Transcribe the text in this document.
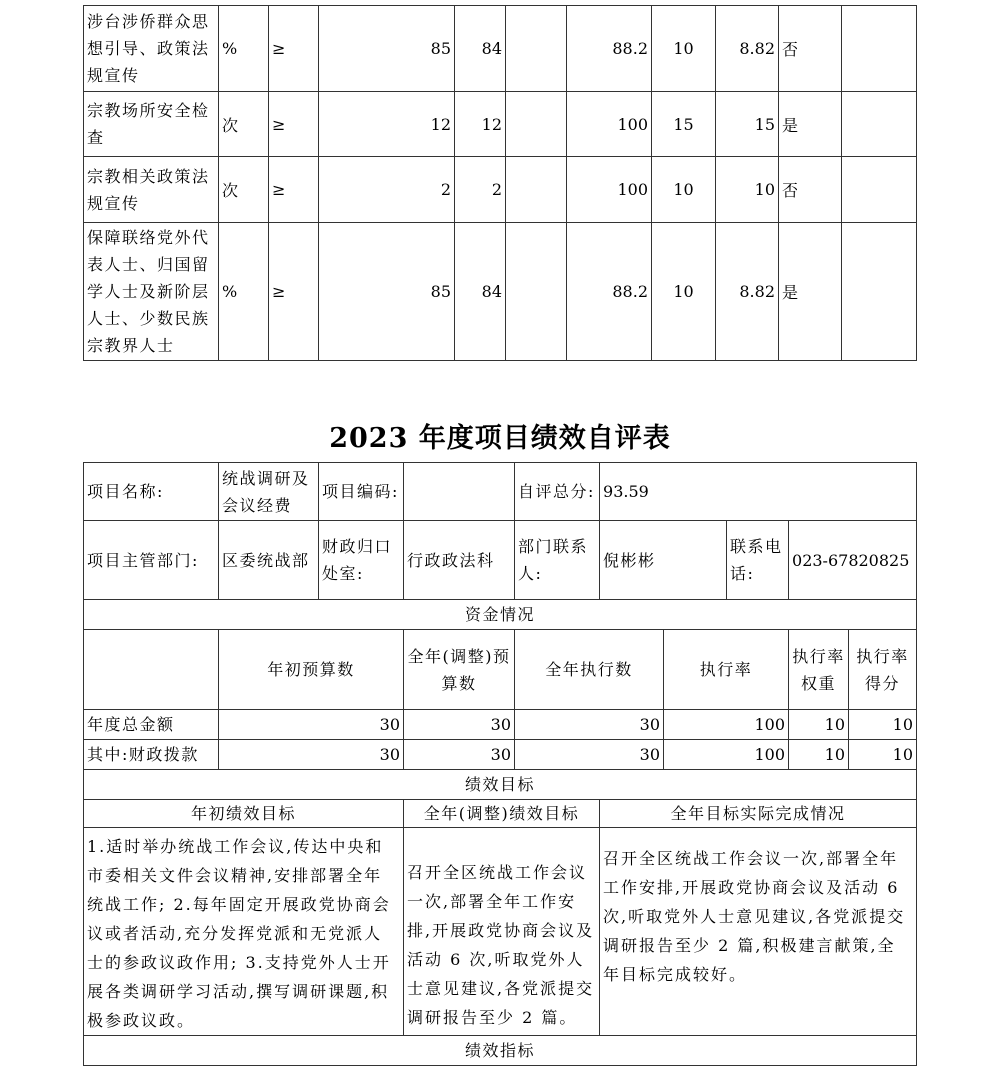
涉台涉侨群众思想引导、政策法规宣传	%	≥	85	84		88.2	10	8.82	否	
宗教场所安全检查	次	≥	12	12		100	15	15	是	
宗教相关政策法规宣传	次	≥	2	2		100	10	10	否	
保障联络党外代表人士、归国留学人士及新阶层人士、少数民族宗教界人士	%	≥	85	84		88.2	10	8.82	是	
2023 年度项目绩效自评表
项目名称:	统战调研及会议经费	项目编码:		自评总分:	93.59				
项目主管部门:	区委统战部	财政归口处室:	行政政法科	部门联系人:	倪彬彬		联系电话:	023-67820825	
资金情况									
	年初预算数		全年(调整)预算数	全年执行数		执行率		执行率权重	执行率得分
年度总金额	30		30	30		100		10	10
其中:财政拨款	30		30	30		100		10	10
绩效目标									
年初绩效目标			全年(调整)绩效目标		全年目标实际完成情况				
1.适时举办统战工作会议,传达中央和市委相关文件会议精神,安排部署全年统战工作; 2.每年固定开展政党协商会议或者活动,充分发挥党派和无党派人士的参政议政作用; 3.支持党外人士开展各类调研学习活动,撰写调研课题,积极参政议政。			召开全区统战工作会议一次,部署全年工作安排,开展政党协商会议及活动 6 次,听取党外人士意见建议,各党派提交调研报告至少 2 篇。		召开全区统战工作会议一次,部署全年工作安排,开展政党协商会议及活动 6 次,听取党外人士意见建议,各党派提交调研报告至少 2 篇,积极建言献策,全年目标完成较好。				
绩效指标									
